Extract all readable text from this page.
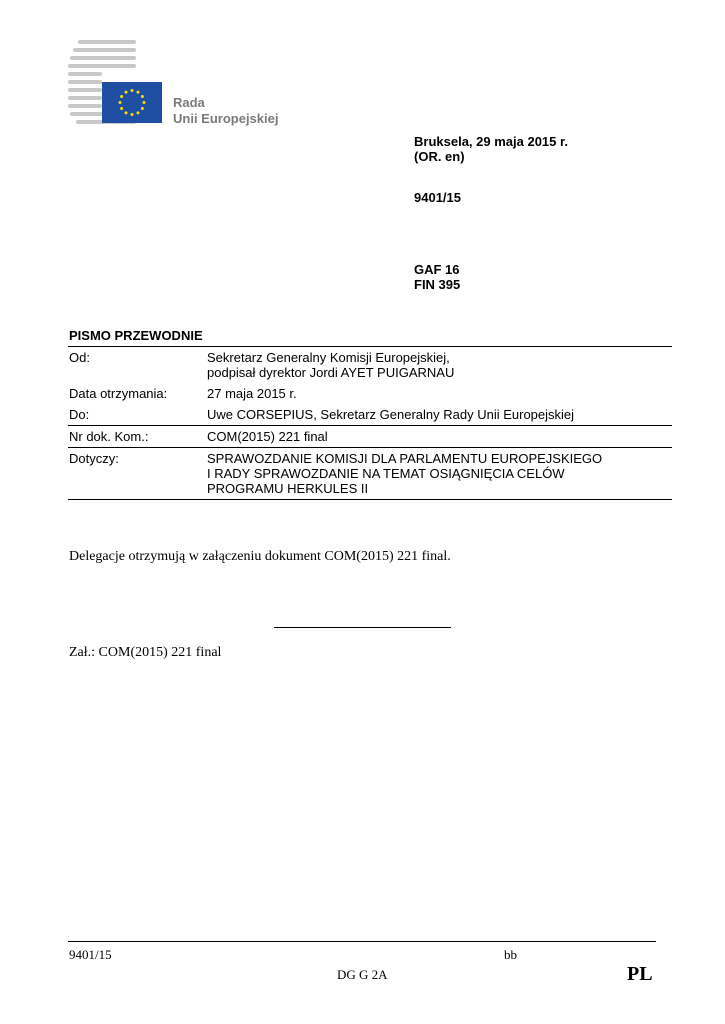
Rada
Unii Europejskiej
Bruksela, 29 maja 2015 r.
(OR. en)
9401/15
GAF 16
FIN 395
PISMO PRZEWODNIE
Od:	Sekretarz Generalny Komisji Europejskiej,
podpisał dyrektor Jordi AYET PUIGARNAU
Data otrzymania:	27 maja 2015 r.
Do:	Uwe CORSEPIUS, Sekretarz Generalny Rady Unii Europejskiej
Nr dok. Kom.:	COM(2015) 221 final
Dotyczy:	SPRAWOZDANIE KOMISJI DLA PARLAMENTU EUROPEJSKIEGO
I RADY SPRAWOZDANIE NA TEMAT OSIĄGNIĘCIA CELÓW
PROGRAMU HERKULES II
Delegacje otrzymują w załączeniu dokument COM(2015) 221 final.
Zał.: COM(2015) 221 final
9401/15	bb
DG G 2A	PL
